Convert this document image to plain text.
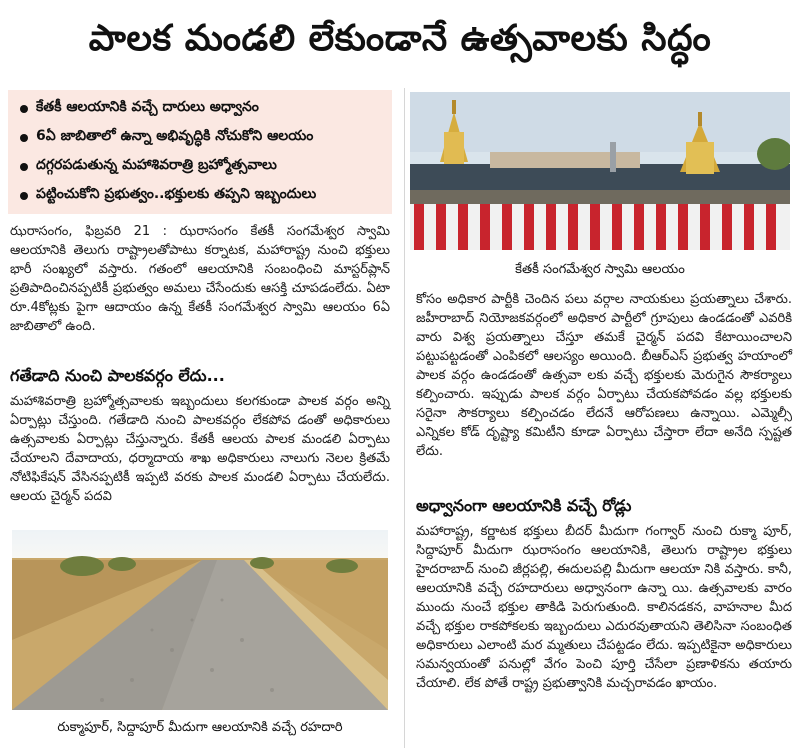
పాలక మండలి లేకుండానే ఉత్సవాలకు సిద్ధం
కేతకీ ఆలయానికి వచ్చే దారులు అధ్వానం
6ఏ జాబితాలో ఉన్నా అభివృద్ధికి నోచుకోని ఆలయం
దగ్గరపడుతున్న మహాశివరాత్రి బ్రహ్మోత్సవాలు
పట్టించుకోని ప్రభుత్వం..భక్తులకు తప్పని ఇబ్బందులు
ఝరాసంగం, ఫిబ్రవరి 21 : ఝరాసంగం కేతకీ సంగమేశ్వర స్వామి ఆలయానికి తెలుగు రాష్ట్రాలతోపాటు కర్నాటక, మహారాష్ట్ర నుంచి భక్తులు భారీ సంఖ్యలో వస్తారు. గతంలో ఆలయానికి సంబంధించి మాస్టర్‌ప్లాన్ ప్రతిపాదించినప్పటికీ ప్రభుత్వం అమలు చేసేందుకు ఆసక్తి చూపడంలేదు. ఏటా రూ.4కోట్లకు పైగా ఆదాయం ఉన్న కేతకీ సంగమేశ్వర స్వామి ఆలయం 6ఏ జాబితాలో ఉంది.
గతేడాది నుంచి పాలకవర్గం లేదు...
మహాశివరాత్రి బ్రహ్మోత్సవాలకు ఇబ్బందులు కలగకుండా పాలక వర్గం అన్ని ఏర్పాట్లు చేస్తుంది. గతేడాది నుంచి పాలకవర్గం లేకపోవ డంతో అధికారులు ఉత్సవాలకు ఏర్పాట్లు చేస్తున్నారు. కేతకీ ఆలయ పాలక మండలి ఏర్పాటు చేయాలని దేవాదాయ, ధర్మాదాయ శాఖ అధికారులు నాలుగు నెలల క్రితమే నోటిఫికేషన్ వేసినప్పటికీ ఇప్పటి వరకు పాలక మండలి ఏర్పాటు చేయలేదు. ఆలయ చైర్మన్ పదవి
రుక్మాపూర్, సిద్దాపూర్ మీదుగా ఆలయానికి వచ్చే రహదారి
కేతకీ సంగమేశ్వర స్వామి ఆలయం
కోసం అధికార పార్టీకి చెందిన పలు వర్గాల నాయకులు ప్రయత్నాలు చేశారు. జహీరాబాద్ నియోజకవర్గంలో అధికార పార్టీలో గ్రూపులు ఉండడంతో ఎవరికి వారు విశ్వ ప్రయత్నాలు చేస్తూ తమకే చైర్మన్ పదవి కేటాయించాలని పట్టుపట్టడంతో ఎంపికలో ఆలస్యం అయింది. బీఆర్ఎస్ ప్రభుత్వ హయాంలో పాలక వర్గం ఉండడంతో ఉత్సవా లకు వచ్చే భక్తులకు మెరుగైన సౌకర్యాలు కల్పించారు. ఇప్పుడు పాలక వర్గం ఏర్పాటు చేయకపోవడం వల్ల భక్తులకు సరైనా సౌకర్యాలు కల్పించడం లేదనే ఆరోపణలు ఉన్నాయి. ఎమ్మెల్సీ ఎన్నికల కోడ్ దృష్ట్యా కమిటీని కూడా ఏర్పాటు చేస్తారా లేదా అనేది స్పష్టత లేదు.
అధ్వానంగా ఆలయానికి వచ్చే రోడ్లు
మహారాష్ట్ర, కర్ణాటక భక్తులు బీదర్ మీదుగా గంగ్వార్ నుంచి రుక్మా పూర్, సిద్దాపూర్ మీదుగా ఝరాసంగం ఆలయానికి, తెలుగు రాష్ట్రాల భక్తులు హైదరాబాద్ నుంచి జీర్లపల్లి, ఈదులపల్లి మీదుగా ఆలయా నికి వస్తారు. కానీ, ఆలయానికి వచ్చే రహదారులు అధ్వానంగా ఉన్నా యి. ఉత్సవాలకు వారం ముందు నుంచే భక్తుల తాకిడి పెరుగుతుంది. కాలినడకన, వాహనాల మీద వచ్చే భక్తుల రాకపోకలకు ఇబ్బందులు ఎదురవుతాయని తెలిసినా సంబంధిత అధికారులు ఎలాంటి మర మ్మతులు చేపట్టడం లేదు. ఇప్పటికైనా అధికారులు సమన్వయంతో పనుల్లో వేగం పెంచి పూర్తి చేసేలా ప్రణాళికను తయారు చేయాలి. లేక పోతే రాష్ట్ర ప్రభుత్వానికి మచ్చరావడం ఖాయం.
